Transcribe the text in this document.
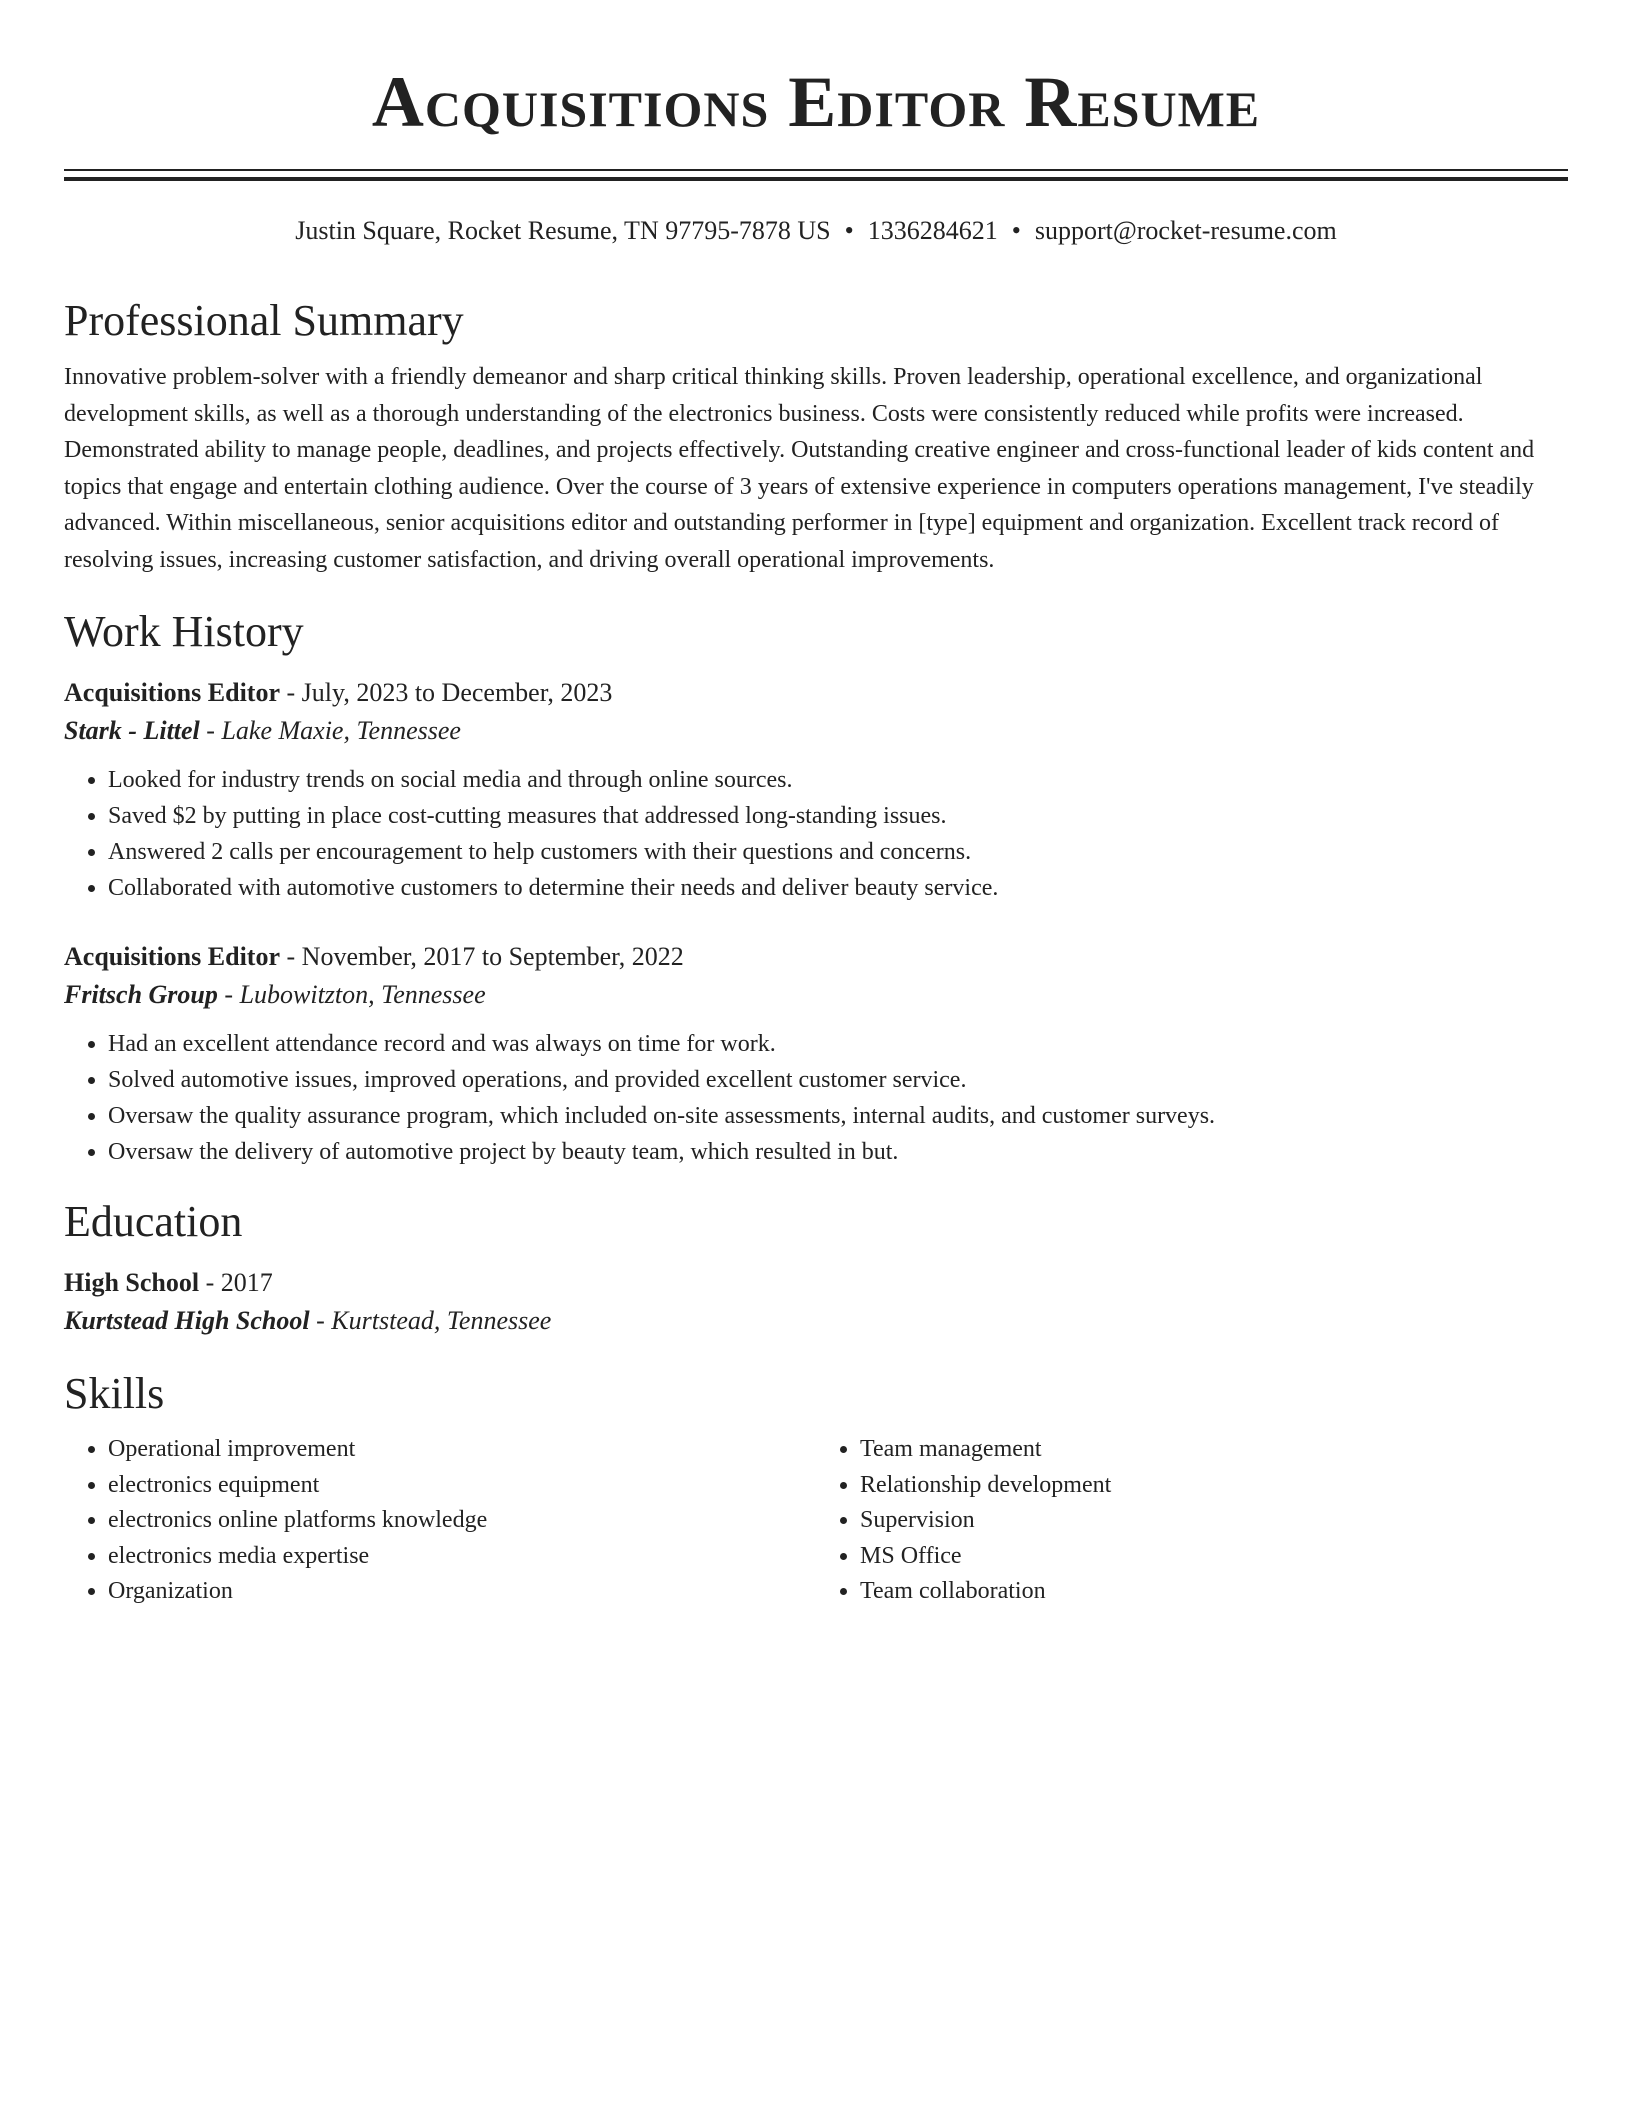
Acquisitions Editor Resume
Justin Square, Rocket Resume, TN 97795-7878 US • 1336284621 • support@rocket-resume.com
Professional Summary

Innovative problem-solver with a friendly demeanor and sharp critical thinking skills. Proven leadership, operational excellence, and organizational development skills, as well as a thorough understanding of the electronics business. Costs were consistently reduced while profits were increased. Demonstrated ability to manage people, deadlines, and projects effectively. Outstanding creative engineer and cross-functional leader of kids content and topics that engage and entertain clothing audience. Over the course of 3 years of extensive experience in computers operations management, I've steadily advanced. Within miscellaneous, senior acquisitions editor and outstanding performer in [type] equipment and organization. Excellent track record of resolving issues, increasing customer satisfaction, and driving overall operational improvements.

Work History
Acquisitions Editor - July, 2023 to December, 2023
Stark - Littel - Lake Maxie, Tennessee
• Looked for industry trends on social media and through online sources.
• Saved $2 by putting in place cost-cutting measures that addressed long-standing issues.
• Answered 2 calls per encouragement to help customers with their questions and concerns.
• Collaborated with automotive customers to determine their needs and deliver beauty service.
Acquisitions Editor - November, 2017 to September, 2022
Fritsch Group - Lubowitzton, Tennessee
• Had an excellent attendance record and was always on time for work.
• Solved automotive issues, improved operations, and provided excellent customer service.
• Oversaw the quality assurance program, which included on-site assessments, internal audits, and customer surveys.
• Oversaw the delivery of automotive project by beauty team, which resulted in but.
Education
High School - 2017
Kurtstead High School - Kurtstead, Tennessee
Skills
• Operational improvement
• electronics equipment
• electronics online platforms knowledge
• electronics media expertise
• Organization
• Team management
• Relationship development
• Supervision
• MS Office
• Team collaboration
